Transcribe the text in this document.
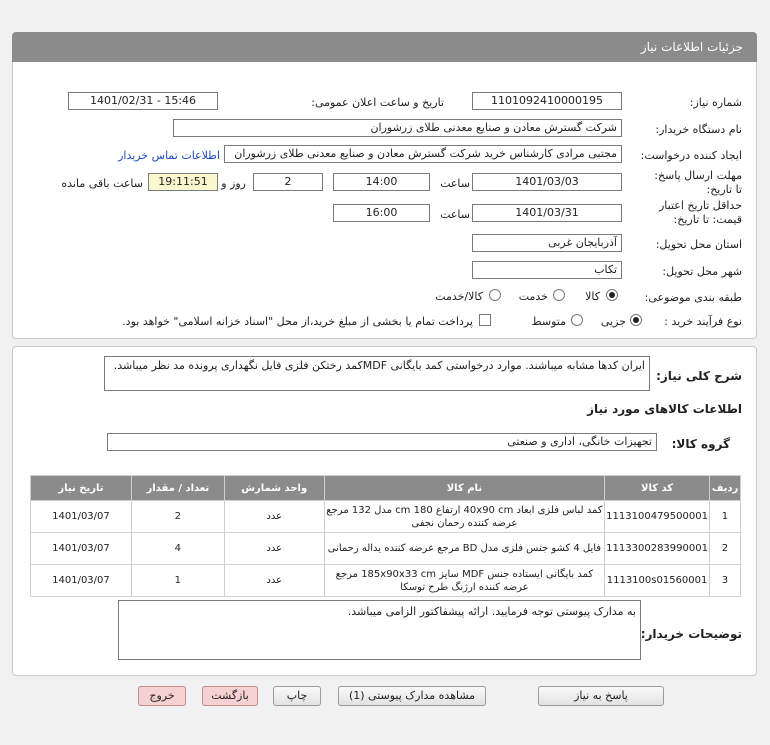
جزئیات اطلاعات نیاز
شماره نیاز:
1101092410000195
تاریخ و ساعت اعلان عمومی:
1401/02/31 - 15:46
نام دستگاه خریدار:
شرکت گسترش معادن و صنایع معدنی طلای زرشوران
ایجاد کننده درخواست:
مجتبی مرادی کارشناس خرید شرکت گسترش معادن و صنایع معدنی طلای زرشوران
اطلاعات تماس خریدار
مهلت ارسال پاسخ: تا تاریخ:
1401/03/03
ساعت
14:00
2
روز و
19:11:51
ساعت باقی مانده
حداقل تاریخ اعتبار قیمت: تا تاریخ:
1401/03/31
ساعت
16:00
استان محل تحویل:
آذربایجان غربی
شهر محل تحویل:
تکاب
طبقه بندی موضوعی:
کالا
خدمت
کالا/خدمت
نوع فرآیند خرید :
جزیی
متوسط
پرداخت تمام یا بخشی از مبلغ خرید،از محل "اسناد خزانه اسلامی" خواهد بود.
شرح کلی نیاز:
ایران کدها مشابه میباشند. موارد درخواستی کمد بایگانی MDFکمد رختکن فلزی فایل نگهداری پرونده مد نظر میباشد.
اطلاعات کالاهای مورد نیاز
گروه کالا:
تجهیزات خانگی، اداری و صنعتی
تاریخ نیاز	تعداد / مقدار	واحد شمارش	نام کالا	کد کالا	ردیف
1401/03/07	2	عدد	کمد لباس فلزی ابعاد 40x90 cm ارتفاع 180 cm مدل 132 مرجع عرضه کننده رحمان نجفی	1113100479500001	1
1401/03/07	4	عدد	فایل 4 کشو جنس فلزی مدل BD مرجع عرضه کننده یداله رحمانی	1113300283990001	2
1401/03/07	1	عدد	کمد بایگانی ایستاده جنس MDF سایز 185x90x33 cm مرجع عرضه کننده ارژنگ طرح توسکا	1113100s01560001	3
توضیحات خریدار:
به مدارک پیوستی توجه فرمایید. ارائه پیشفاکتور الزامی میباشد.
پاسخ به نیاز
مشاهده مدارک پیوستی (1)
چاپ
بازگشت
خروج
